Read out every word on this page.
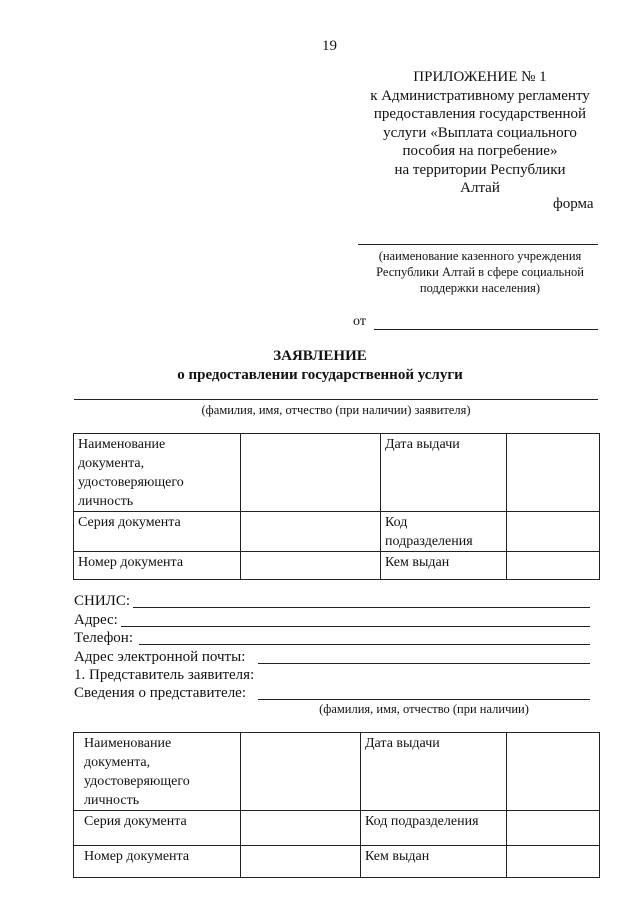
19
ПРИЛОЖЕНИЕ № 1
к Административному регламенту
предоставления государственной
услуги «Выплата социального
пособия на погребение»
на территории Республики
Алтай
форма
(наименование казенного учреждения
Республики Алтай в сфере социальной
поддержки населения)
от
ЗАЯВЛЕНИЕ
о предоставлении государственной услуги
(фамилия, имя, отчество (при наличии) заявителя)
Наименование
документа,
удостоверяющего
личность		Дата выдачи	

Серия документа		Код
подразделения	

Номер документа		Кем выдан	

СНИЛС:
Адрес:
Телефон:
Адрес электронной почты:
1. Представитель заявителя:
Сведения о представителе:
(фамилия, имя, отчество (при наличии)
Наименование
документа,
удостоверяющего
личность		Дата выдачи	

Серия документа		Код подразделения	

Номер документа		Кем выдан	
